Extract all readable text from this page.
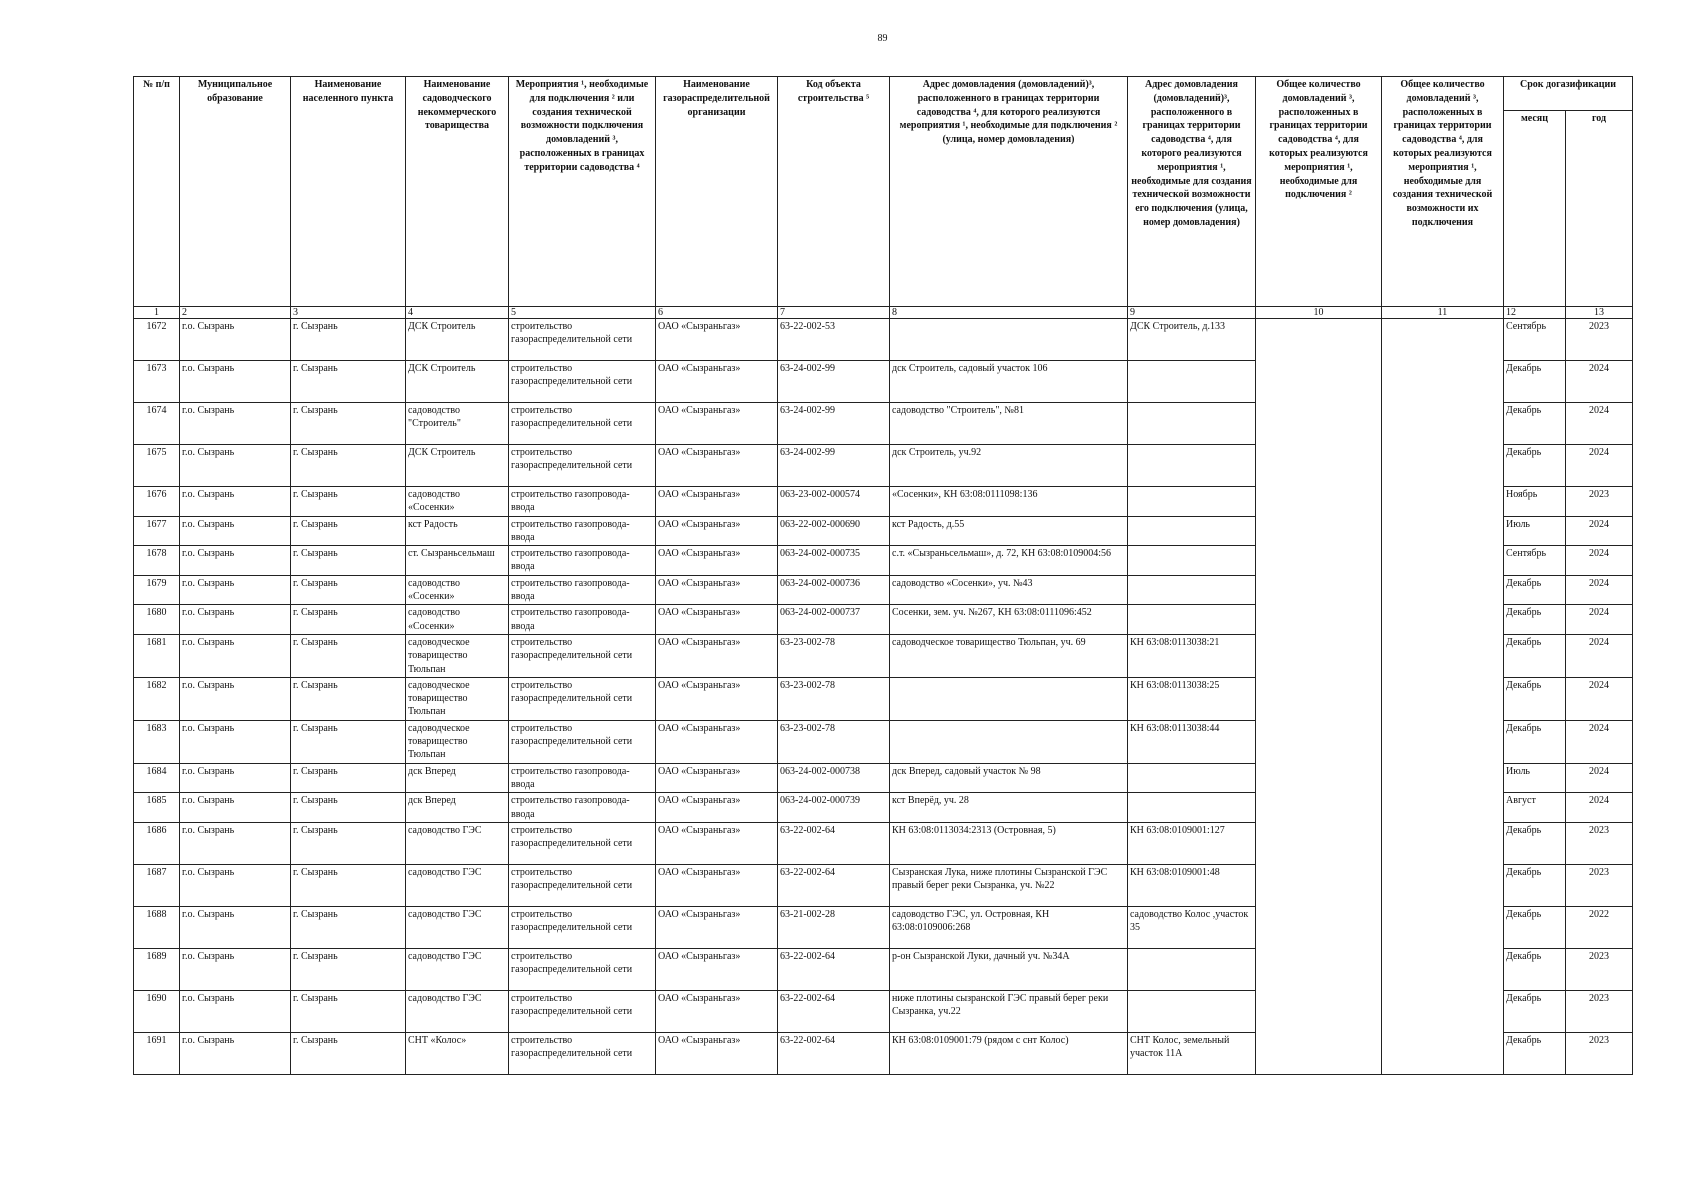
89
№ п/п	Муниципальное образование	Наименование населенного пункта	Наименование садоводческого некоммерческого товарищества	Мероприятия ¹, необходимые для подключения ² или создания технической возможности подключения домовладений ³, расположенных в границах территории садоводства ⁴	Наименование газораспределительной организации	Код объекта строительства ⁵	Адрес домовладения (домовладений)³, расположенного в границах территории садоводства ⁴, для которого реализуются мероприятия ¹, необходимые для подключения ² (улица, номер домовладения)	Адрес домовладения (домовладений)³, расположенного в границах территории садоводства ⁴, для которого реализуются мероприятия ¹, необходимые для создания технической возможности его подключения (улица, номер домовладения)	Общее количество домовладений ³, расположенных в границах территории садоводства ⁴, для которых реализуются мероприятия ¹, необходимые для подключения ²	Общее количество домовладений ³, расположенных в границах территории садоводства ⁴, для которых реализуются мероприятия ¹, необходимые для создания технической возможности их подключения	Срок догазификации	
											месяц	год
1	2	3	4	5	6	7	8	9	10	11	12	13
1672	г.о. Сызрань	г. Сызрань	ДСК Строитель	строительство газораспределительной сети	ОАО «Сызраньгаз»	63-22-002-53		ДСК Строитель, д.133			Сентябрь	2023
1673	г.о. Сызрань	г. Сызрань	ДСК Строитель	строительство газораспределительной сети	ОАО «Сызраньгаз»	63-24-002-99	дск Строитель, садовый участок 106				Декабрь	2024
1674	г.о. Сызрань	г. Сызрань	садоводство "Строитель"	строительство газораспределительной сети	ОАО «Сызраньгаз»	63-24-002-99	садоводство "Строитель", №81				Декабрь	2024
1675	г.о. Сызрань	г. Сызрань	ДСК Строитель	строительство газораспределительной сети	ОАО «Сызраньгаз»	63-24-002-99	дск Строитель, уч.92				Декабрь	2024
1676	г.о. Сызрань	г. Сызрань	садоводство «Сосенки»	строительство газопровода-ввода	ОАО «Сызраньгаз»	063-23-002-000574	«Сосенки», КН 63:08:0111098:136				Ноябрь	2023
1677	г.о. Сызрань	г. Сызрань	кст Радость	строительство газопровода-ввода	ОАО «Сызраньгаз»	063-22-002-000690	кст Радость, д.55				Июль	2024
1678	г.о. Сызрань	г. Сызрань	ст. Сызраньсельмаш	строительство газопровода-ввода	ОАО «Сызраньгаз»	063-24-002-000735	с.т. «Сызраньсельмаш», д. 72, КН 63:08:0109004:56				Сентябрь	2024
1679	г.о. Сызрань	г. Сызрань	садоводство «Сосенки»	строительство газопровода-ввода	ОАО «Сызраньгаз»	063-24-002-000736	садоводство «Сосенки», уч. №43				Декабрь	2024
1680	г.о. Сызрань	г. Сызрань	садоводство «Сосенки»	строительство газопровода-ввода	ОАО «Сызраньгаз»	063-24-002-000737	Сосенки, зем. уч. №267, КН 63:08:0111096:452				Декабрь	2024
1681	г.о. Сызрань	г. Сызрань	садоводческое товарищество Тюльпан	строительство газораспределительной сети	ОАО «Сызраньгаз»	63-23-002-78	садоводческое товарищество Тюльпан, уч. 69	КН 63:08:0113038:21			Декабрь	2024
1682	г.о. Сызрань	г. Сызрань	садоводческое товарищество Тюльпан	строительство газораспределительной сети	ОАО «Сызраньгаз»	63-23-002-78		КН 63:08:0113038:25			Декабрь	2024
1683	г.о. Сызрань	г. Сызрань	садоводческое товарищество Тюльпан	строительство газораспределительной сети	ОАО «Сызраньгаз»	63-23-002-78		КН 63:08:0113038:44			Декабрь	2024
1684	г.о. Сызрань	г. Сызрань	дск Вперед	строительство газопровода-ввода	ОАО «Сызраньгаз»	063-24-002-000738	дск Вперед, садовый участок № 98				Июль	2024
1685	г.о. Сызрань	г. Сызрань	дск Вперед	строительство газопровода-ввода	ОАО «Сызраньгаз»	063-24-002-000739	кст Вперёд, уч. 28				Август	2024
1686	г.о. Сызрань	г. Сызрань	садоводство ГЭС	строительство газораспределительной сети	ОАО «Сызраньгаз»	63-22-002-64	КН 63:08:0113034:2313 (Островная, 5)	КН 63:08:0109001:127			Декабрь	2023
1687	г.о. Сызрань	г. Сызрань	садоводство ГЭС	строительство газораспределительной сети	ОАО «Сызраньгаз»	63-22-002-64	Сызранская Лука, ниже плотины Сызранской ГЭС правый берег реки Сызранка, уч. №22	КН 63:08:0109001:48			Декабрь	2023
1688	г.о. Сызрань	г. Сызрань	садоводство ГЭС	строительство газораспределительной сети	ОАО «Сызраньгаз»	63-21-002-28	садоводство ГЭС, ул. Островная, КН 63:08:0109006:268	садоводство Колос ,участок 35			Декабрь	2022
1689	г.о. Сызрань	г. Сызрань	садоводство ГЭС	строительство газораспределительной сети	ОАО «Сызраньгаз»	63-22-002-64	р-он Сызранской Луки, дачный уч. №34А				Декабрь	2023
1690	г.о. Сызрань	г. Сызрань	садоводство ГЭС	строительство газораспределительной сети	ОАО «Сызраньгаз»	63-22-002-64	ниже плотины сызранской ГЭС правый берег реки Сызранка, уч.22				Декабрь	2023
1691	г.о. Сызрань	г. Сызрань	СНТ «Колос»	строительство газораспределительной сети	ОАО «Сызраньгаз»	63-22-002-64	КН 63:08:0109001:79 (рядом с снт Колос)	СНТ Колос, земельный участок 11А			Декабрь	2023
